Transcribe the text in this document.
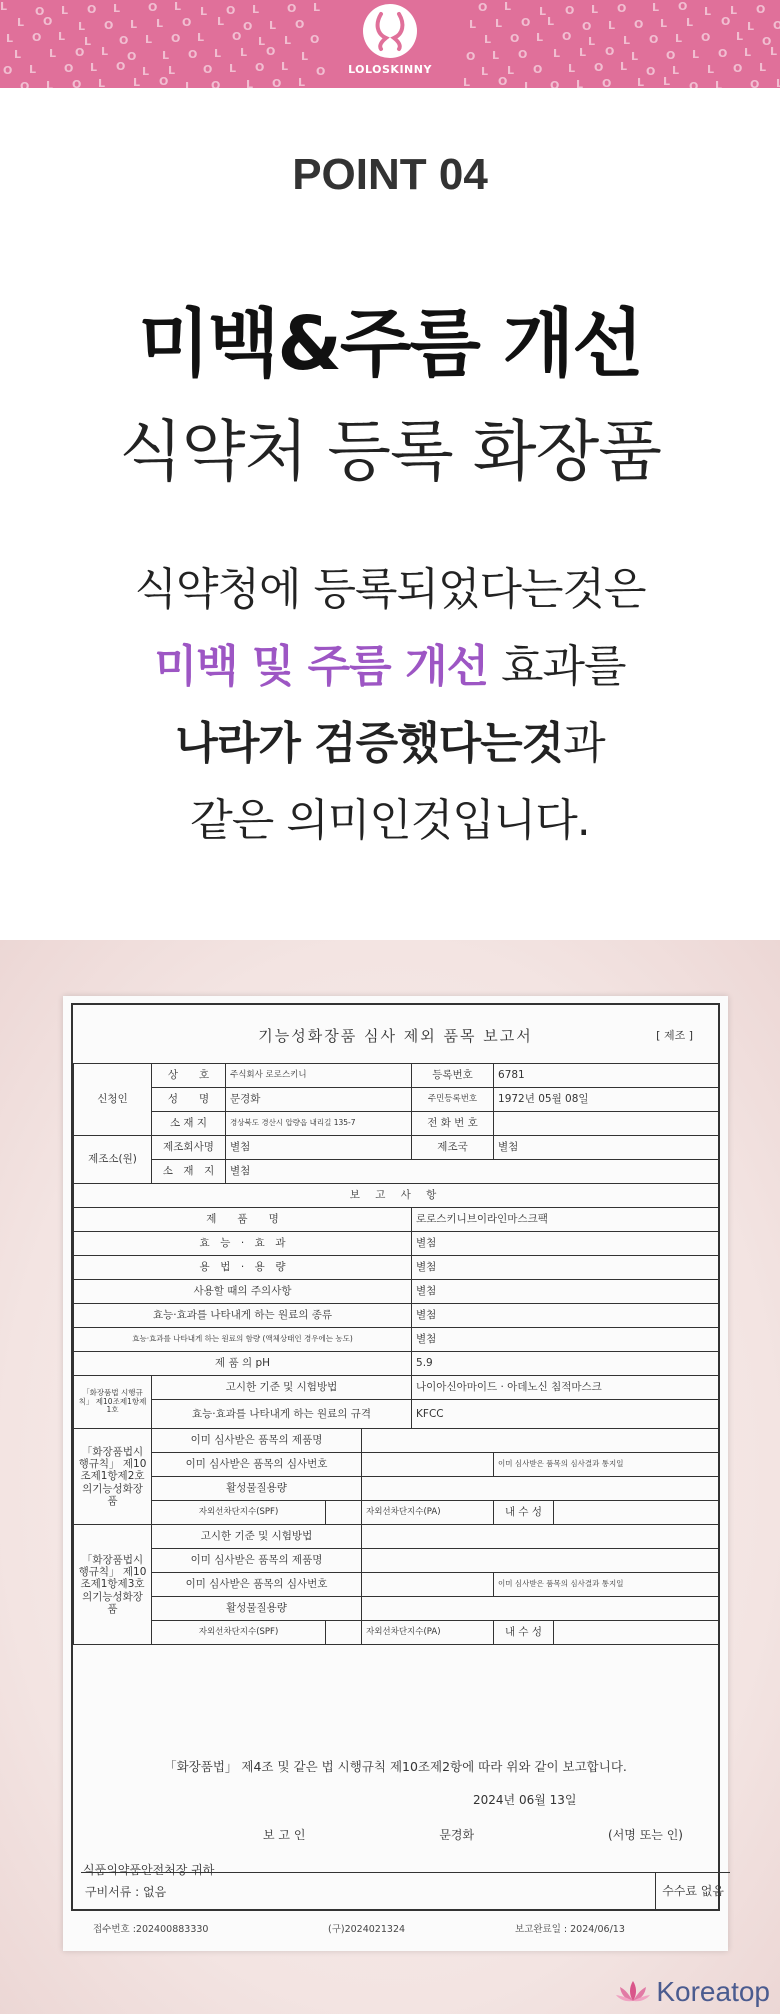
L	O L O L	O L L O L	O L	O L	L O L O L O L L O
L O L O L L O L O L O	L L O L	O L O L L	O L O
L O L L	O L O L	O L L O	L O L O L	L O L O L O
L	L O L O L O L L O L	O L O L L O L	O L O L L
O L	O L O L L	O L O L	O	L L O L O L O L	L O L
O L O L	L O L O L O L	L	O L O L O L L O L	O L
LOLOSKINNY
POINT 04
미백&주름 개선
식약처 등록 화장품
식약청에 등록되었다는것은
미백 및 주름 개선 효과를
나라가 검증했다는것과
같은 의미인것입니다.
기능성화장품 심사 제외 품목 보고서	[ 제조 ]
신청인	상　　호	주식회사 로로스키니			등록번호	6781	
	성　　명	문경화			주민등록번호	1972년 05월 08일	
	소 재 지	경상북도 경산시 압량읍 내리길 135-7			전 화 번 호		
제조소(원)	제조회사명	별첨			제조국	별첨	
	소　재　지	별첨					
보 고 사 항							
제　　품　　명					로로스키니브이라인마스크팩		
효　능　·　효　과					별첨		
용　법　·　용　량					별첨		
사용할 때의 주의사항					별첨		
효능·효과를 나타내게 하는 원료의 종류					별첨		
효능·효과를 나타내게 하는 원료의 함량 (액체상태인 경우에는 농도)					별첨		
제 품 의 pH					5.9		
「화장품법 시행규칙」 제10조제1항제1호	고시한 기준 및 시험방법				나이아신아마이드 · 아데노신 침적마스크		
	효능·효과를 나타내게 하는 원료의 규격				KFCC		
「화장품법시행규칙」 제10조제1항제2호의기능성화장품	이미 심사받은 품목의 제품명						
	이미 심사받은 품목의 심사번호					이미 심사받은 품목의 심사결과 통지일	
	활성물질용량						
	자외선차단지수(SPF)			자외선차단지수(PA)		내 수 성	
「화장품법시행규칙」 제10조제1항제3호의기능성화장품	고시한 기준 및 시험방법						
	이미 심사받은 품목의 제품명						
	이미 심사받은 품목의 심사번호					이미 심사받은 품목의 심사결과 통지일	
	활성물질용량						
	자외선차단지수(SPF)			자외선차단지수(PA)		내 수 성	
「화장품법」 제4조 및 같은 법 시행규칙 제10조제2항에 따라 위와 같이 보고합니다.
2024년 06월 13일
보 고 인	문경화	(서명 또는 인)
식품의약품안전처장 귀하
구비서류 : 없음	수수료 없음
접수번호 :202400883330	(구)2024021324	보고완료일 : 2024/06/13
Koreatop
